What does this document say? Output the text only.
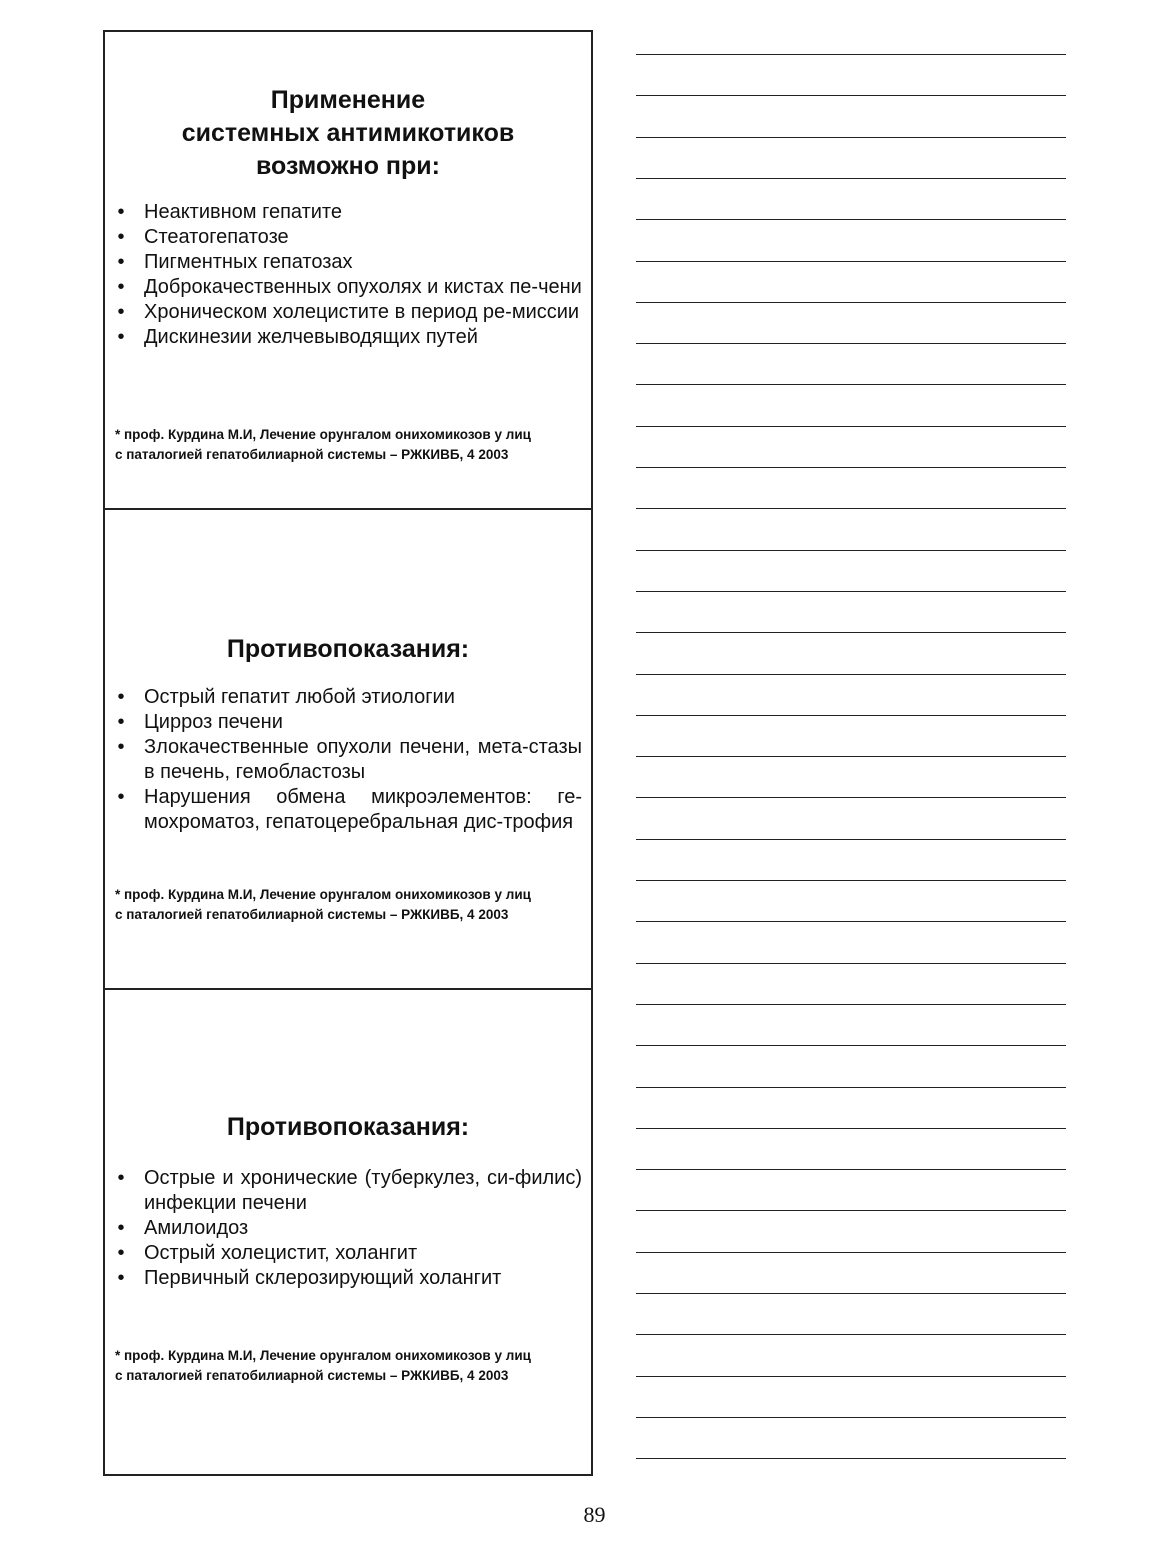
Применение
системных антимикотиков
возможно при:
• Неактивном гепатите
• Стеатогепатозе
• Пигментных гепатозах
• Доброкачественных опухолях и кистах пе-чени
• Хроническом холецистите в период ре-миссии
• Дискинезии желчевыводящих путей

* проф. Курдина М.И, Лечение орунгалом онихомикозов у лиц
с паталогией гепатобилиарной системы – РЖКИВБ, 4 2003

Противопоказания:
• Острый гепатит любой этиологии
• Цирроз печени
• Злокачественные опухоли печени, мета-стазы в печень, гемобластозы
• Нарушения обмена микроэлементов: ге-мохроматоз, гепатоцеребральная дис-трофия

* проф. Курдина М.И, Лечение орунгалом онихомикозов у лиц
с паталогией гепатобилиарной системы – РЖКИВБ, 4 2003

Противопоказания:
• Острые и хронические (туберкулез, си-филис) инфекции печени
• Амилоидоз
• Острый холецистит, холангит
• Первичный склерозирующий холангит

* проф. Курдина М.И, Лечение орунгалом онихомикозов у лиц
с паталогией гепатобилиарной системы – РЖКИВБ, 4 2003

89
